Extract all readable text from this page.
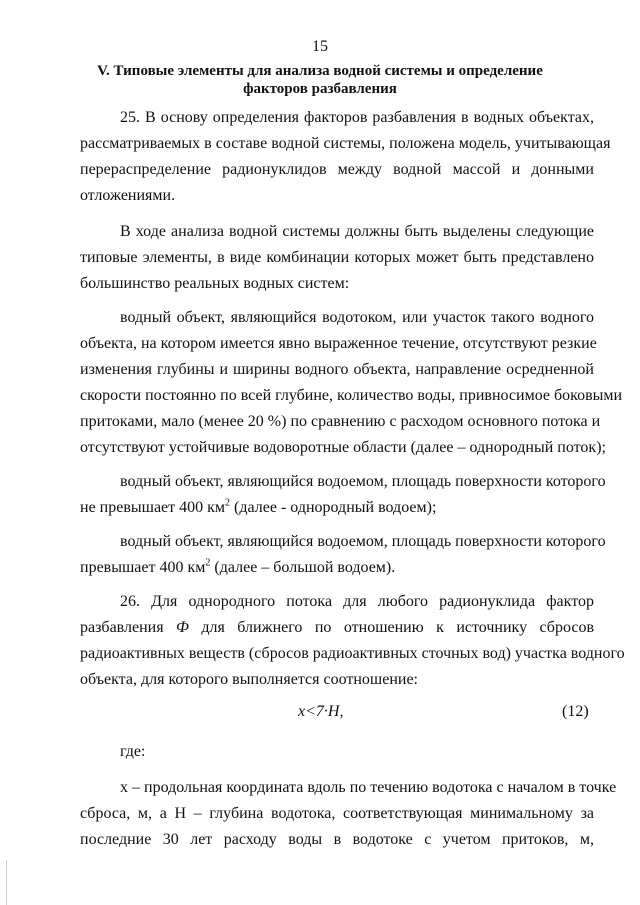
15
V. Типовые элементы для анализа водной системы и определение
факторов разбавления
25. В основу определения факторов разбавления в водных объектах,
рассматриваемых в составе водной системы, положена модель, учитывающая
перераспределение радионуклидов между водной массой и донными
отложениями.
В ходе анализа водной системы должны быть выделены следующие
типовые элементы, в виде комбинации которых может быть представлено
большинство реальных водных систем:
водный объект, являющийся водотоком, или участок такого водного
объекта, на котором имеется явно выраженное течение, отсутствуют резкие
изменения глубины и ширины водного объекта, направление осредненной
скорости постоянно по всей глубине, количество воды, привносимое боковыми
притоками, мало (менее 20 %) по сравнению с расходом основного потока и
отсутствуют устойчивые водоворотные области (далее – однородный поток);
водный объект, являющийся водоемом, площадь поверхности которого
не превышает 400 $км^2$ (далее - однородный водоем);
водный объект, являющийся водоемом, площадь поверхности которого
превышает 400 $км^2$ (далее – большой водоем).
26. Для однородного потока для любого радионуклида фактор
разбавления Ф для ближнего по отношению к источнику сбросов
радиоактивных веществ (сбросов радиоактивных сточных вод) участка водного
объекта, для которого выполняется соотношение:
x<7·H,	(12)
где:
x – продольная координата вдоль по течению водотока с началом в точке
сброса, м, а Н – глубина водотока, соответствующая минимальному за
последние 30 лет расходу воды в водотоке с учетом притоков, м,
